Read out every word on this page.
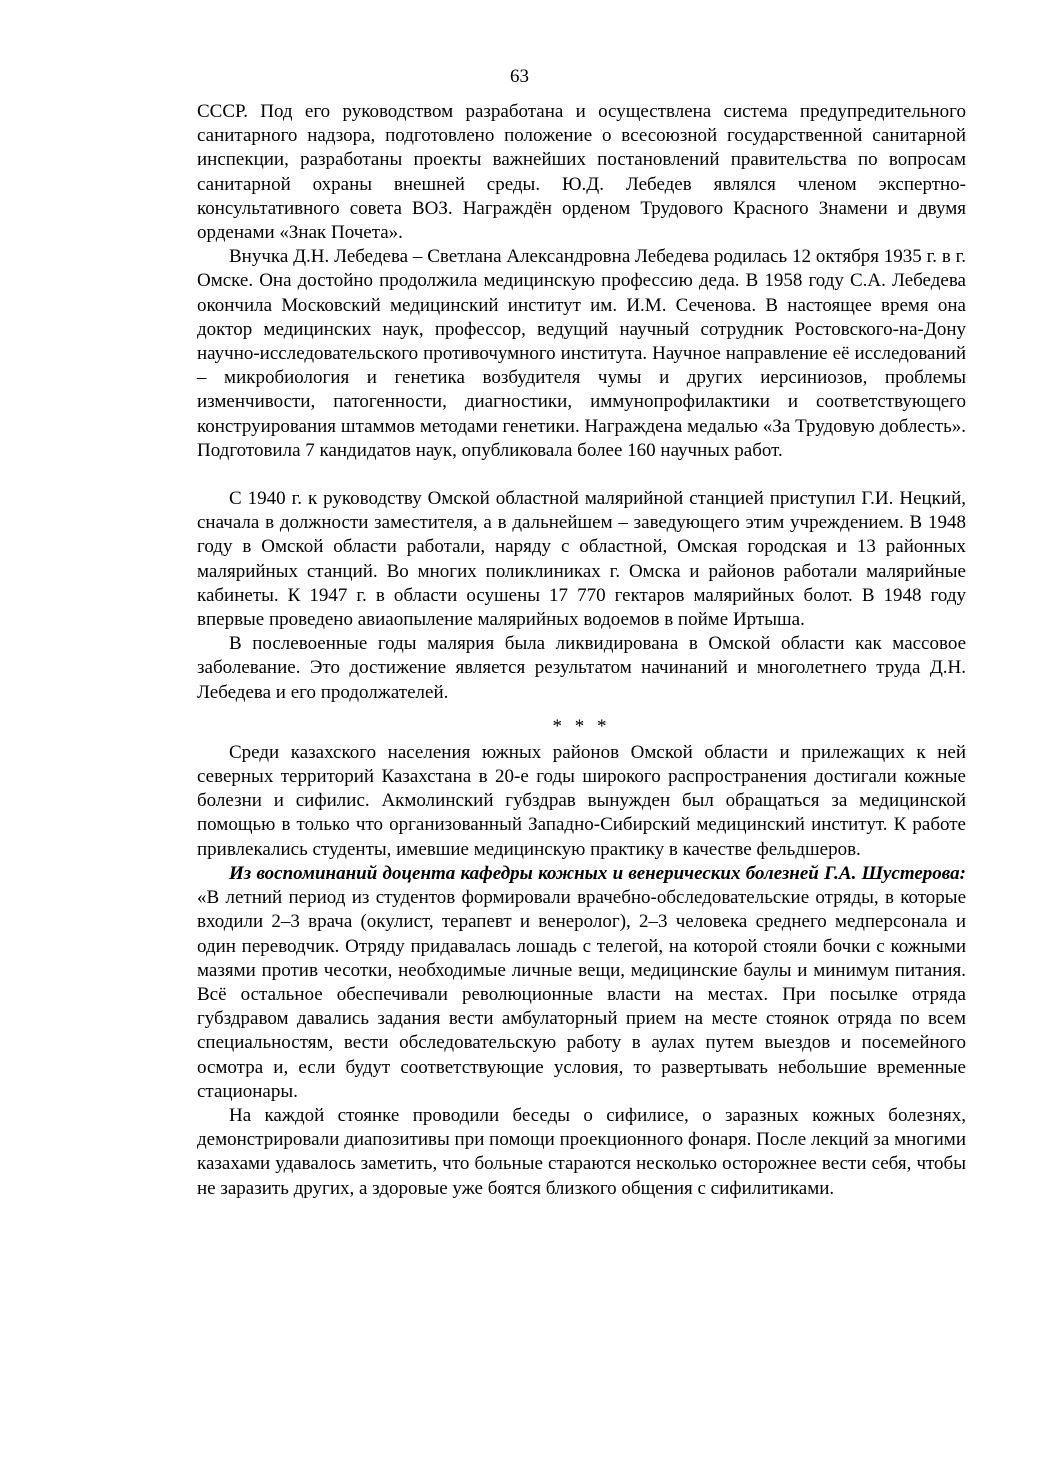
63

СССР. Под его руководством разработана и осуществлена система предупредительного санитарного надзора, подготовлено положение о всесоюзной государственной санитарной инспекции, разработаны проекты важнейших постановлений правительства по вопросам санитарной охраны внешней среды. Ю.Д. Лебедев являлся членом экспертно-консультативного совета ВОЗ. Награждён орденом Трудового Красного Знамени и двумя орденами «Знак Почета».

Внучка Д.Н. Лебедева – Светлана Александровна Лебедева родилась 12 октября 1935 г. в г. Омске. Она достойно продолжила медицинскую профессию деда. В 1958 году С.А. Лебедева окончила Московский медицинский институт им. И.М. Сеченова. В настоящее время она доктор медицинских наук, профессор, ведущий научный сотрудник Ростовского-на-Дону научно-исследовательского противочумного института. Научное направление её исследований – микробиология и генетика возбудителя чумы и других иерсиниозов, проблемы изменчивости, патогенности, диагностики, иммунопрофилактики и соответствующего конструирования штаммов методами генетики. Награждена медалью «За Трудовую доблесть». Подготовила 7 кандидатов наук, опубликовала более 160 научных работ.

С 1940 г. к руководству Омской областной малярийной станцией приступил Г.И. Нецкий, сначала в должности заместителя, а в дальнейшем – заведующего этим учреждением. В 1948 году в Омской области работали, наряду с областной, Омская городская и 13 районных малярийных станций. Во многих поликлиниках г. Омска и районов работали малярийные кабинеты. К 1947 г. в области осушены 17 770 гектаров малярийных болот. В 1948 году впервые проведено авиаопыление малярийных водоемов в пойме Иртыша.

В послевоенные годы малярия была ликвидирована в Омской области как массовое заболевание. Это достижение является результатом начинаний и многолетнего труда Д.Н. Лебедева и его продолжателей.

* * *

Среди казахского населения южных районов Омской области и прилежащих к ней северных территорий Казахстана в 20-е годы широкого распространения достигали кожные болезни и сифилис. Акмолинский губздрав вынужден был обращаться за медицинской помощью в только что организованный Западно-Сибирский медицинский институт. К работе привлекались студенты, имевшие медицинскую практику в качестве фельдшеров.

Из воспоминаний доцента кафедры кожных и венерических болезней Г.А. Шустерова: «В летний период из студентов формировали врачебно-обследовательские отряды, в которые входили 2–3 врача (окулист, терапевт и венеролог), 2–3 человека среднего медперсонала и один переводчик. Отряду придавалась лошадь с телегой, на которой стояли бочки с кожными мазями против чесотки, необходимые личные вещи, медицинские баулы и минимум питания. Всё остальное обеспечивали революционные власти на местах. При посылке отряда губздравом давались задания вести амбулаторный прием на месте стоянок отряда по всем специальностям, вести обследовательскую работу в аулах путем выездов и посемейного осмотра и, если будут соответствующие условия, то развертывать небольшие временные стационары.

На каждой стоянке проводили беседы о сифилисе, о заразных кожных болезнях, демонстрировали диапозитивы при помощи проекционного фонаря. После лекций за многими казахами удавалось заметить, что больные стараются несколько осторожнее вести себя, чтобы не заразить других, а здоровые уже боятся близкого общения с сифилитиками.
